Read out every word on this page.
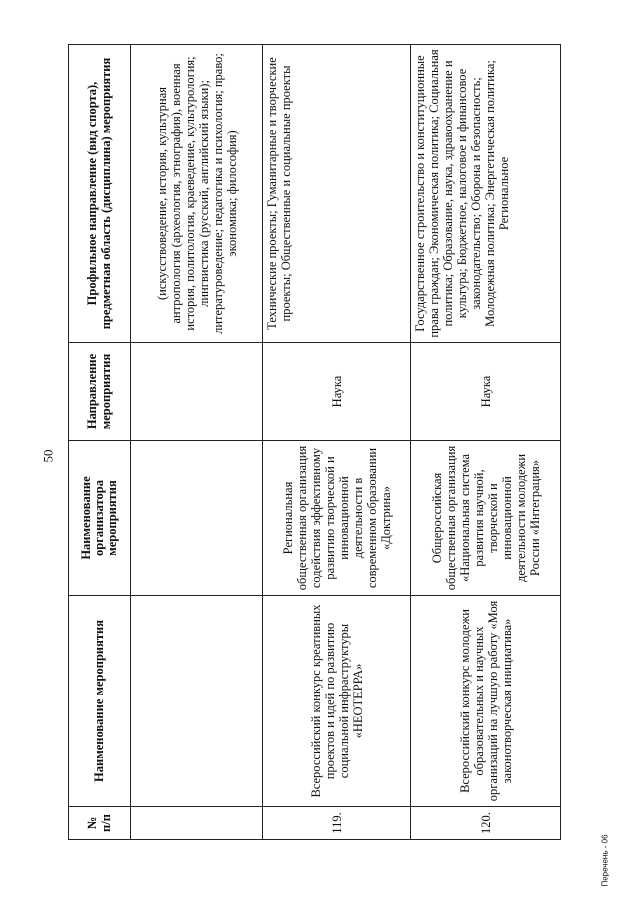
50
№ п/п	Наименование мероприятия	Наименование организатора мероприятия	Направление мероприятия	Профильное направление (вид спорта), предметная область (дисциплина) мероприятия
				(искусствоведение, история, культурная антропология (археология, этнография), военная история, политология, краеведение, культурология; лингвистика (русский, английский языки); литературоведение; педагогика и психология; право; экономика; философия)
119.	Всероссийский конкурс креативных проектов и идей по развитию социальной инфраструктуры «НЕОТЕРРА»	Региональная общественная организация содействия эффективному развитию творческой и инновационной деятельности в современном образовании «Доктрина»	Наука	Технические проекты; Гуманитарные и творческие проекты; Общественные и социальные проекты
120.	Всероссийский конкурс молодежи образовательных и научных организаций на лучшую работу «Моя законотворческая инициатива»	Общероссийская общественная организация «Национальная система развития научной, творческой и инновационной деятельности молодежи России «Интеграция»	Наука	Государственное строительство и конституционные права граждан; Экономическая политика; Социальная политика; Образование, наука, здравоохранение и культура; Бюджетное, налоговое и финансовое законодательство; Оборона и безопасность; Молодежная политика; Энергетическая политика; Региональное
Перечень - 06
